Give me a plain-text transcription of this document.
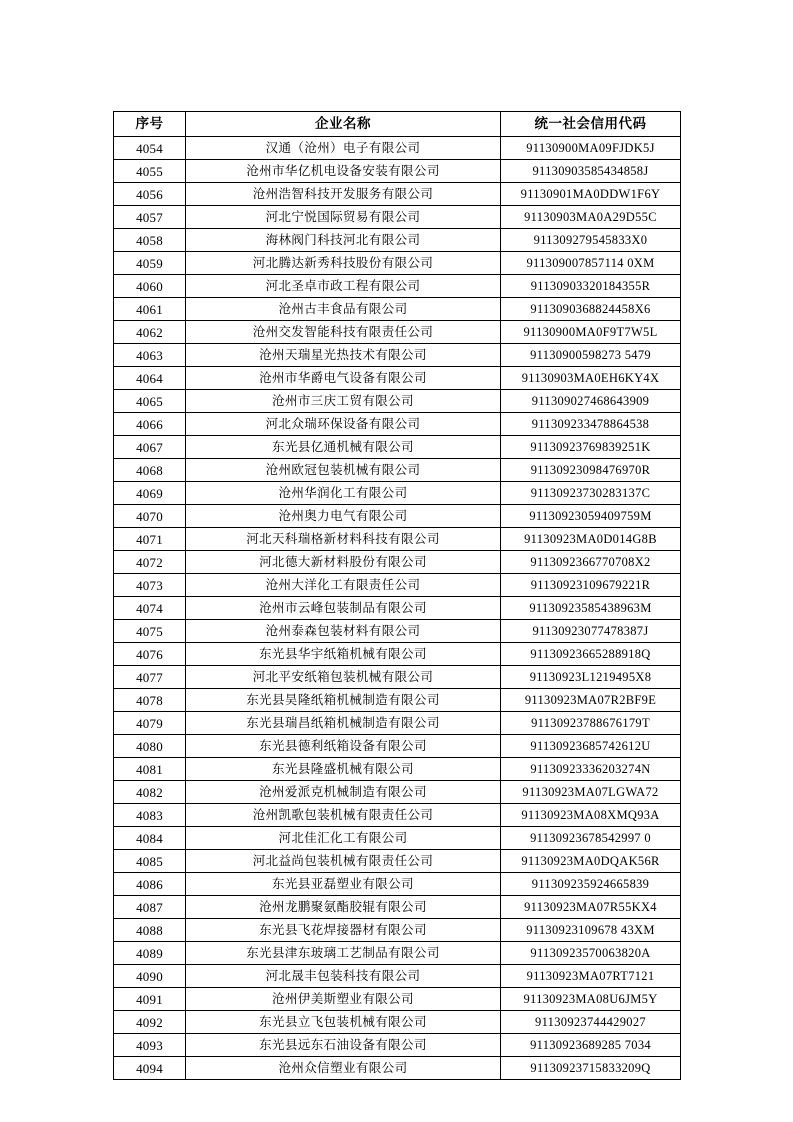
序号	企业名称	统一社会信用代码
4054	汉通（沧州）电子有限公司	91130900MA09FJDK5J
4055	沧州市华亿机电设备安装有限公司	91130903585434858J
4056	沧州浩智科技开发服务有限公司	91130901MA0DDW1F6Y
4057	河北宁悦国际贸易有限公司	91130903MA0A29D55C
4058	海林阀门科技河北有限公司	911309279545833X0
4059	河北腾达新秀科技股份有限公司	911309007857114 0XM
4060	河北圣卓市政工程有限公司	91130903320184355R
4061	沧州古丰食品有限公司	9113090368824458X6
4062	沧州交发智能科技有限责任公司	91130900MA0F9T7W5L
4063	沧州天瑞星光热技术有限公司	91130900598273 5479
4064	沧州市华爵电气设备有限公司	91130903MA0EH6KY4X
4065	沧州市三庆工贸有限公司	911309027468643909
4066	河北众瑞环保设备有限公司	911309233478864538
4067	东光县亿通机械有限公司	91130923769839251K
4068	沧州欧冠包装机械有限公司	91130923098476970R
4069	沧州华润化工有限公司	91130923730283137C
4070	沧州奥力电气有限公司	91130923059409759M
4071	河北天科瑞格新材料科技有限公司	91130923MA0D014G8B
4072	河北德大新材料股份有限公司	9113092366770708X2
4073	沧州大洋化工有限责任公司	91130923109679221R
4074	沧州市云峰包装制品有限公司	91130923585438963M
4075	沧州泰森包装材料有限公司	91130923077478387J
4076	东光县华宇纸箱机械有限公司	91130923665288918Q
4077	河北平安纸箱包装机械有限公司	91130923L1219495X8
4078	东光县昊隆纸箱机械制造有限公司	91130923MA07R2BF9E
4079	东光县瑞昌纸箱机械制造有限公司	91130923788676179T
4080	东光县德利纸箱设备有限公司	91130923685742612U
4081	东光县隆盛机械有限公司	91130923336203274N
4082	沧州爱派克机械制造有限公司	91130923MA07LGWA72
4083	沧州凯歌包装机械有限责任公司	91130923MA08XMQ93A
4084	河北佳汇化工有限公司	91130923678542997 0
4085	河北益尚包装机械有限责任公司	91130923MA0DQAK56R
4086	东光县亚磊塑业有限公司	911309235924665839
4087	沧州龙鹏聚氨酯胶辊有限公司	91130923MA07R55KX4
4088	东光县飞花焊接器材有限公司	91130923109678 43XM
4089	东光县津东玻璃工艺制品有限公司	91130923570063820A
4090	河北晟丰包装科技有限公司	91130923MA07RT7121
4091	沧州伊美斯塑业有限公司	91130923MA08U6JM5Y
4092	东光县立飞包装机械有限公司	91130923744429027
4093	东光县远东石油设备有限公司	91130923689285 7034
4094	沧州众信塑业有限公司	91130923715833209Q
